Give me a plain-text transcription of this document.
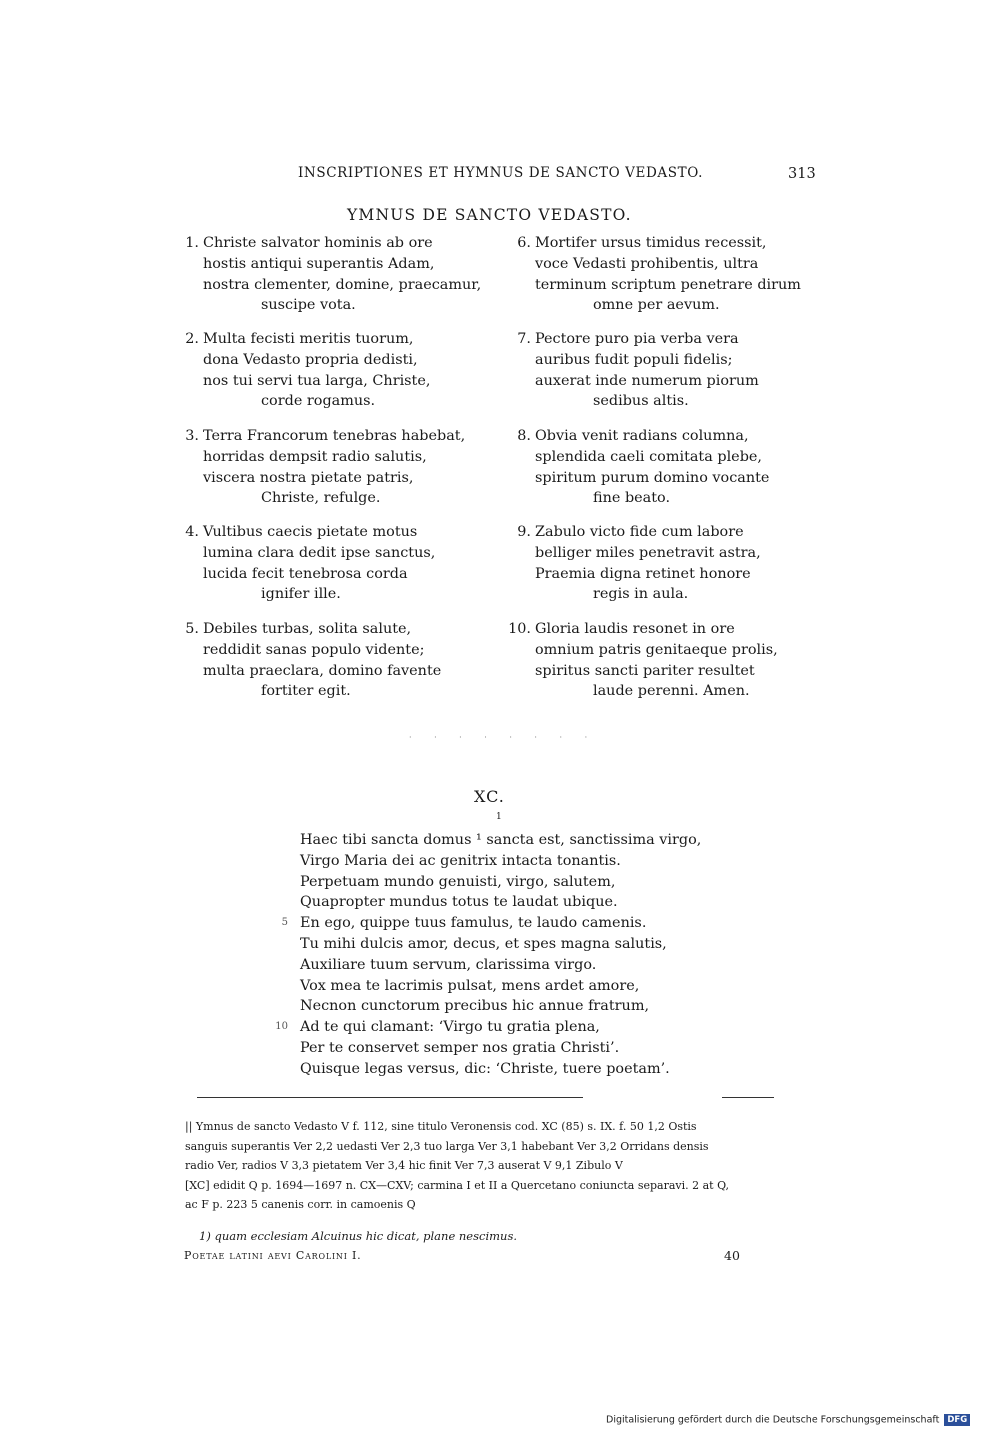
INSCRIPTIONES ET HYMNUS DE SANCTO VEDASTO.	313
YMNUS DE SANCTO VEDASTO.
1. Christe salvator hominis ab ore
hostis antiqui superantis Adam,
nostra clementer, domine, praecamur,
suscipe vota.
2. Multa fecisti meritis tuorum,
dona Vedasto propria dedisti,
nos tui servi tua larga, Christe,
corde rogamus.
3. Terra Francorum tenebras habebat,
horridas dempsit radio salutis,
viscera nostra pietate patris,
Christe, refulge.
4. Vultibus caecis pietate motus
lumina clara dedit ipse sanctus,
lucida fecit tenebrosa corda
ignifer ille.
5. Debiles turbas, solita salute,
reddidit sanas populo vidente;
multa praeclara, domino favente
fortiter egit.
6. Mortifer ursus timidus recessit,
voce Vedasti prohibentis, ultra
terminum scriptum penetrare dirum
omne per aevum.
7. Pectore puro pia verba vera
auribus fudit populi fidelis;
auxerat inde numerum piorum
sedibus altis.
8. Obvia venit radians columna,
splendida caeli comitata plebe,
spiritum purum domino vocante
fine beato.
9. Zabulo victo fide cum labore
belliger miles penetravit astra,
Praemia digna retinet honore
regis in aula.
10. Gloria laudis resonet in ore
omnium patris genitaeque prolis,
spiritus sancti pariter resultet
laude perenni. Amen.
· · · · · · · ·
XC.
1
Haec tibi sancta domus ¹ sancta est, sanctissima virgo,
Virgo Maria dei ac genitrix intacta tonantis.
Perpetuam mundo genuisti, virgo, salutem,
Quapropter mundus totus te laudat ubique.
5 En ego, quippe tuus famulus, te laudo camenis.
Tu mihi dulcis amor, decus, et spes magna salutis,
Auxiliare tuum servum, clarissima virgo.
Vox mea te lacrimis pulsat, mens ardet amore,
Necnon cunctorum precibus hic annue fratrum,
10 Ad te qui clamant: ‘Virgo tu gratia plena,
Per te conservet semper nos gratia Christi’.
Quisque legas versus, dic: ‘Christe, tuere poetam’.
|| Ymnus de sancto Vedasto V f. 112, sine titulo Veronensis cod. XC (85) s. IX. f. 50 1,2 Ostis
sanguis superantis Ver 2,2 uedasti Ver 2,3 tuo larga Ver 3,1 habebant Ver 3,2 Orridans densis
radio Ver, radios V 3,3 pietatem Ver 3,4 hic finit Ver 7,3 auserat V 9,1 Zibulo V
[XC] edidit Q p. 1694—1697 n. CX—CXV; carmina I et II a Quercetano coniuncta separavi. 2 at Q,
ac F p. 223 5 canenis corr. in camoenis Q
1) quam ecclesiam Alcuinus hic dicat, plane nescimus.
Poetae latini aevi Carolini I.	40
Digitalisierung gefördert durch die Deutsche Forschungsgemeinschaft DFG
